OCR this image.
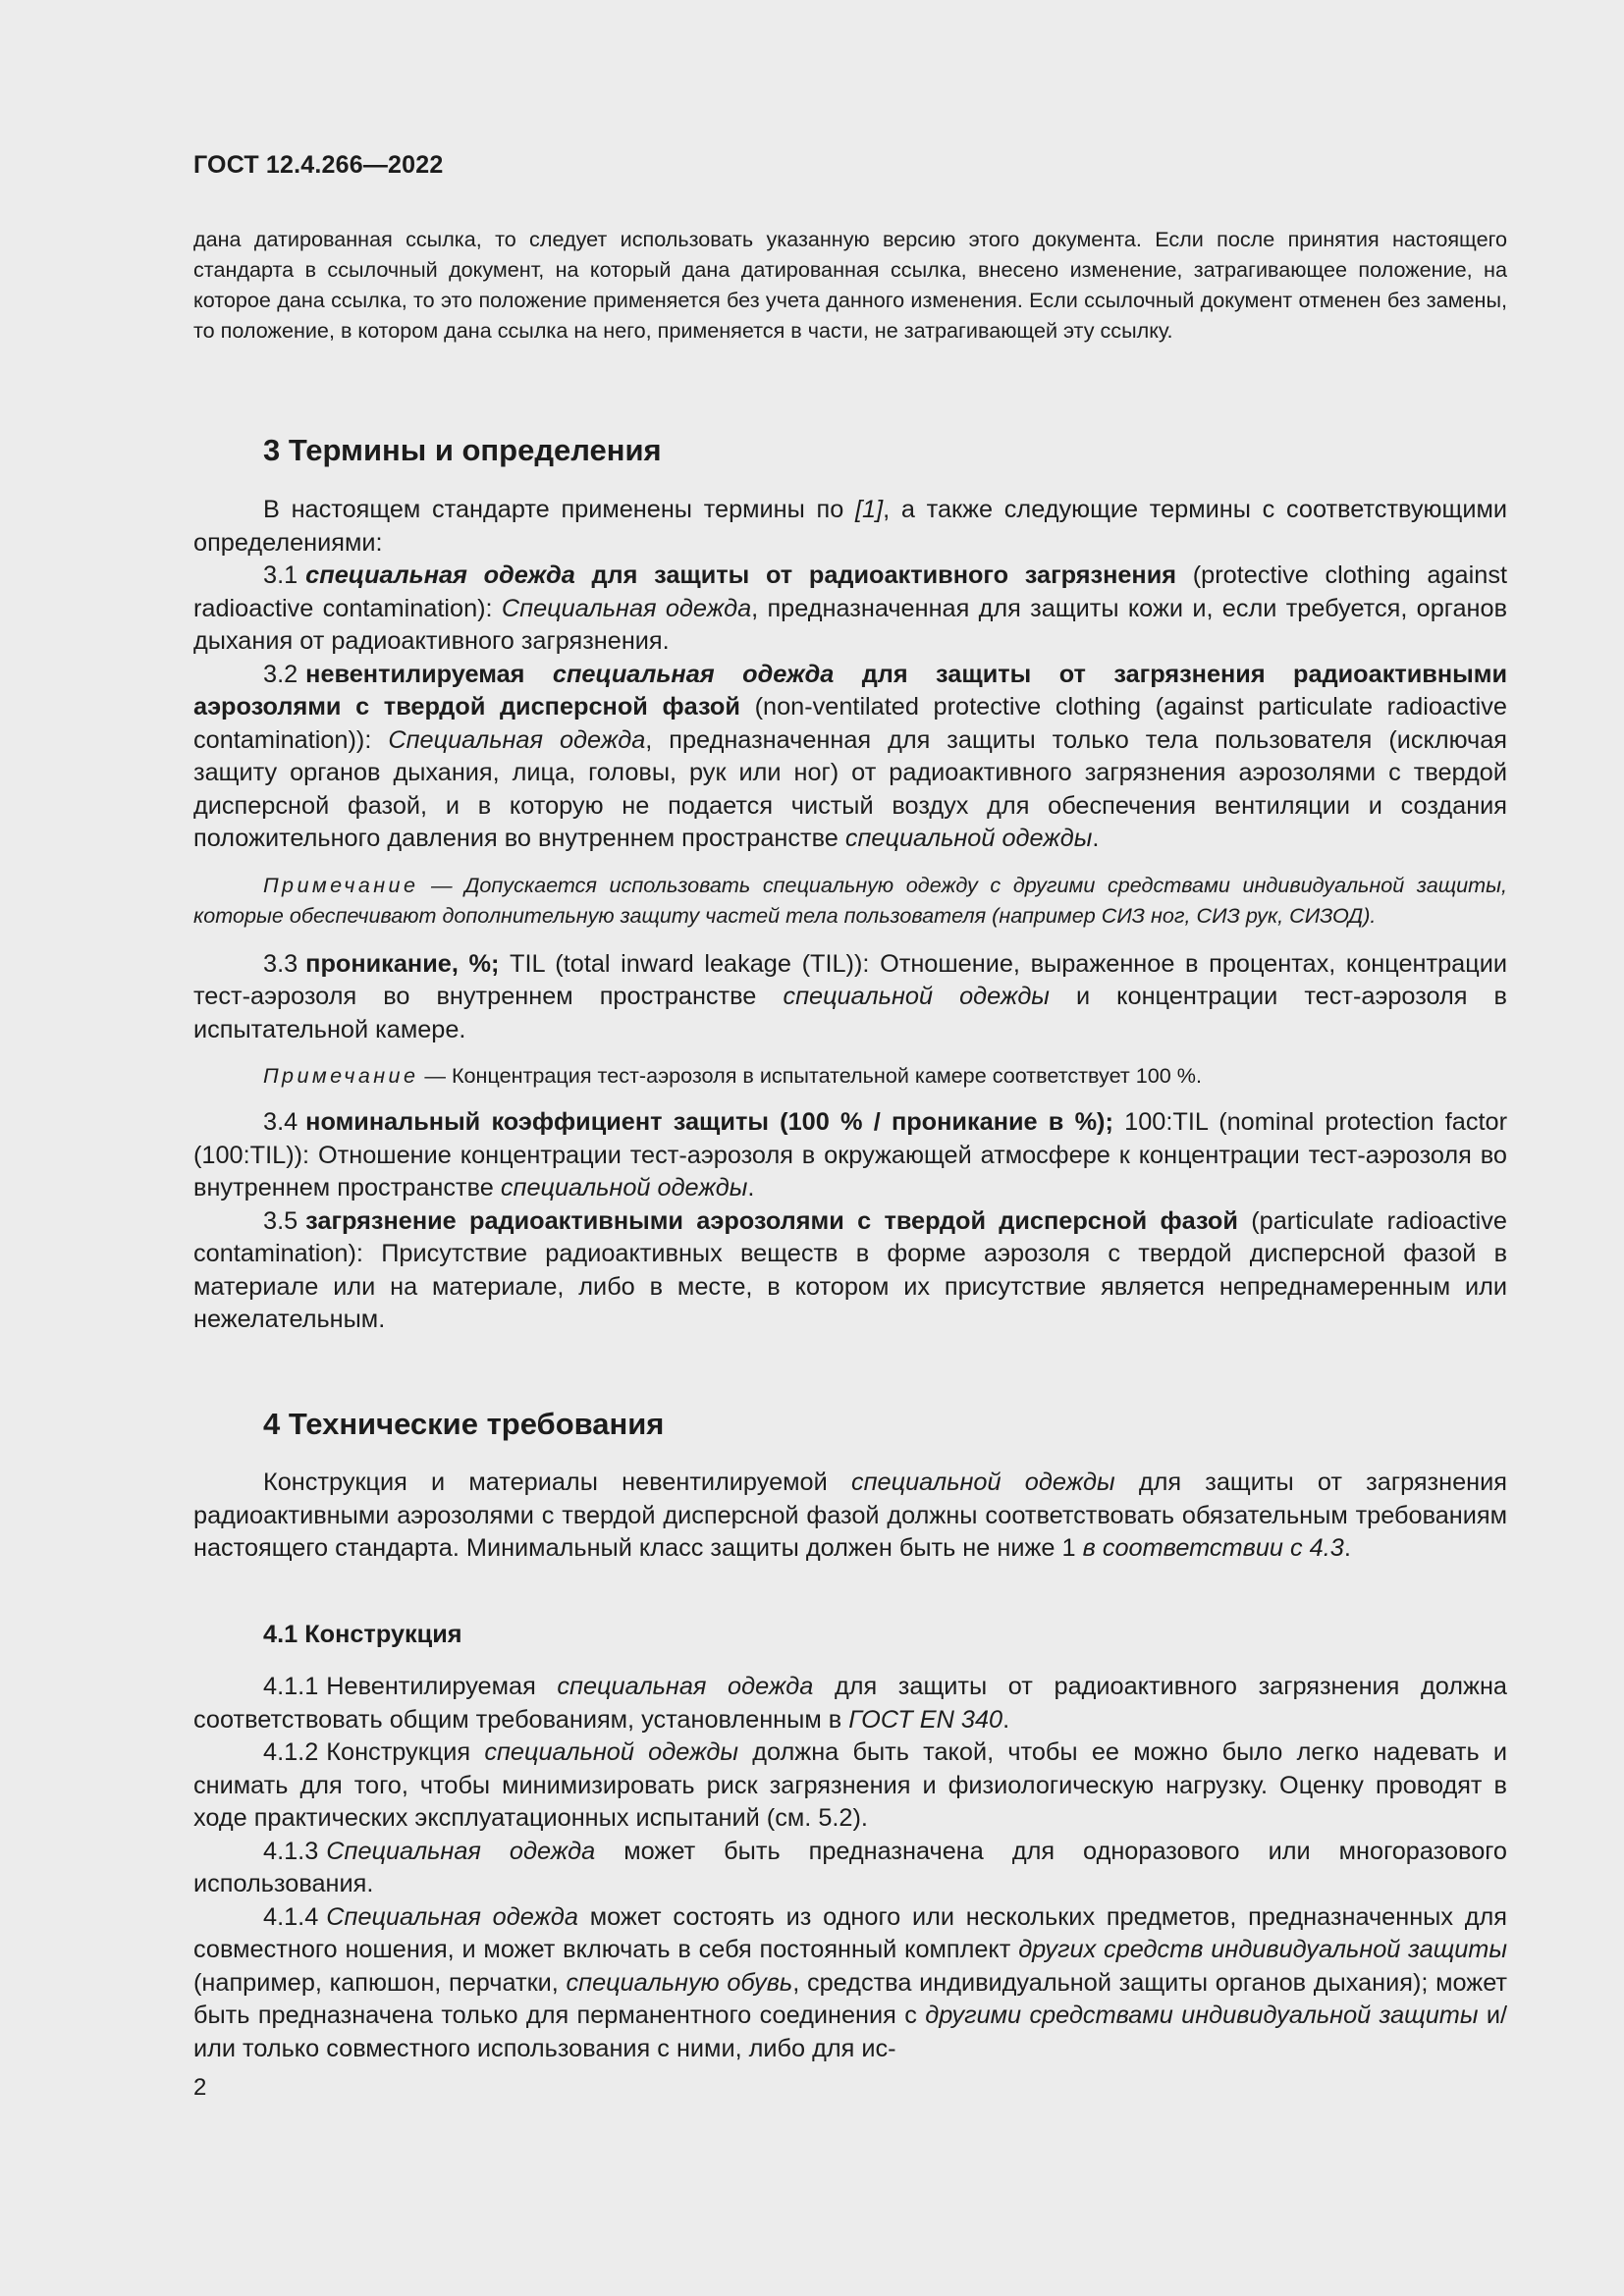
ГОСТ 12.4.266—2022

дана датированная ссылка, то следует использовать указанную версию этого документа. Если после принятия настоящего стандарта в ссылочный документ, на который дана датированная ссылка, внесено изменение, затрагивающее положение, на которое дана ссылка, то это положение применяется без учета данного изменения. Если ссылочный документ отменен без замены, то положение, в котором дана ссылка на него, применяется в части, не затрагивающей эту ссылку.

3 Термины и определения

В настоящем стандарте применены термины по [1], а также следующие термины с соответствующими определениями:

3.1 специальная одежда для защиты от радиоактивного загрязнения (protective clothing against radioactive contamination): Специальная одежда, предназначенная для защиты кожи и, если требуется, органов дыхания от радиоактивного загрязнения.

3.2 невентилируемая специальная одежда для защиты от загрязнения радиоактивными аэрозолями с твердой дисперсной фазой (non-ventilated protective clothing (against particulate radioactive contamination)): Специальная одежда, предназначенная для защиты только тела пользователя (исключая защиту органов дыхания, лица, головы, рук или ног) от радиоактивного загрязнения аэрозолями с твердой дисперсной фазой, и в которую не подается чистый воздух для обеспечения вентиляции и создания положительного давления во внутреннем пространстве специальной одежды.

Примечание — Допускается использовать специальную одежду с другими средствами индивидуальной защиты, которые обеспечивают дополнительную защиту частей тела пользователя (например СИЗ ног, СИЗ рук, СИЗОД).

3.3 проникание, %; TIL (total inward leakage (TIL)): Отношение, выраженное в процентах, концентрации тест-аэрозоля во внутреннем пространстве специальной одежды и концентрации тест-аэрозоля в испытательной камере.

Примечание — Концентрация тест-аэрозоля в испытательной камере соответствует 100 %.

3.4 номинальный коэффициент защиты (100 % / проникание в %); 100:TIL (nominal protection factor (100:TIL)): Отношение концентрации тест-аэрозоля в окружающей атмосфере к концентрации тест-аэрозоля во внутреннем пространстве специальной одежды.

3.5 загрязнение радиоактивными аэрозолями с твердой дисперсной фазой (particulate radioactive contamination): Присутствие радиоактивных веществ в форме аэрозоля с твердой дисперсной фазой в материале или на материале, либо в месте, в котором их присутствие является непреднамеренным или нежелательным.

4 Технические требования

Конструкция и материалы невентилируемой специальной одежды для защиты от загрязнения радиоактивными аэрозолями с твердой дисперсной фазой должны соответствовать обязательным требованиям настоящего стандарта. Минимальный класс защиты должен быть не ниже 1 в соответствии с 4.3.

4.1 Конструкция

4.1.1 Невентилируемая специальная одежда для защиты от радиоактивного загрязнения должна соответствовать общим требованиям, установленным в ГОСТ EN 340.

4.1.2 Конструкция специальной одежды должна быть такой, чтобы ее можно было легко надевать и снимать для того, чтобы минимизировать риск загрязнения и физиологическую нагрузку. Оценку проводят в ходе практических эксплуатационных испытаний (см. 5.2).

4.1.3 Специальная одежда может быть предназначена для одноразового или многоразового использования.

4.1.4 Специальная одежда может состоять из одного или нескольких предметов, предназначенных для совместного ношения, и может включать в себя постоянный комплект других средств индивидуальной защиты (например, капюшон, перчатки, специальную обувь, средства индивидуальной защиты органов дыхания); может быть предназначена только для перманентного соединения с другими средствами индивидуальной защиты и/или только совместного использования с ними, либо для ис-

2
